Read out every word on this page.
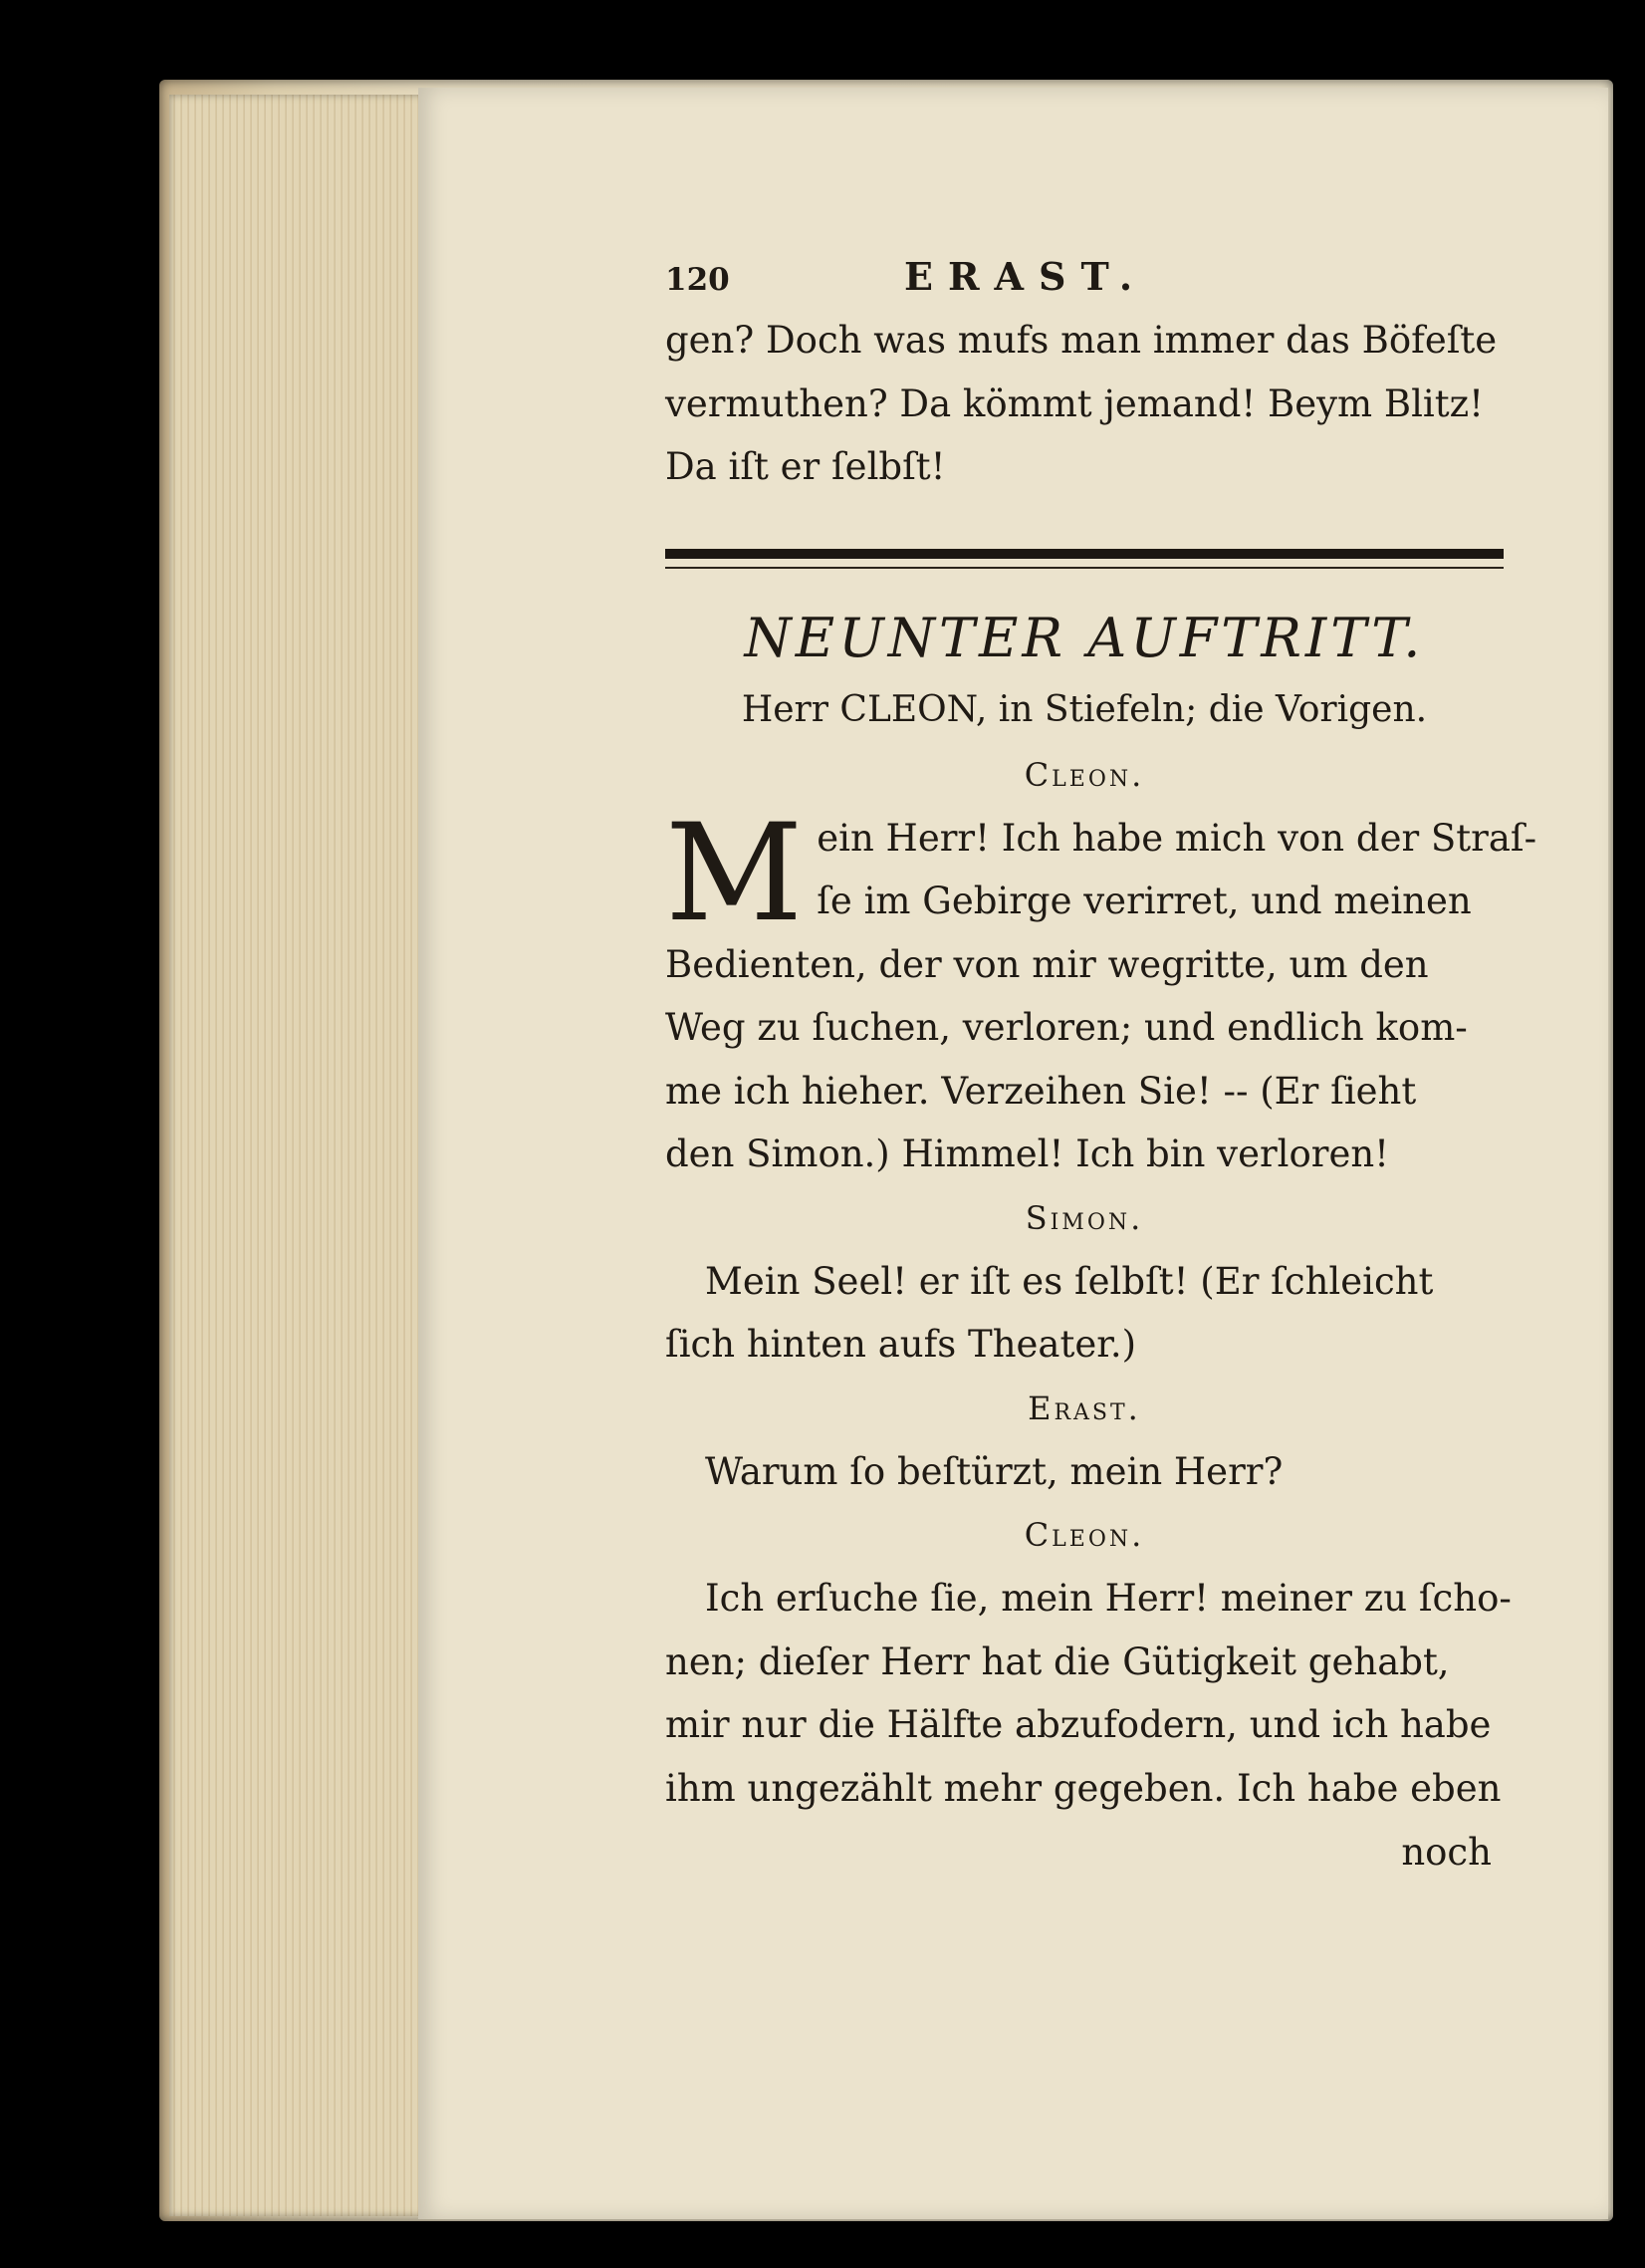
120	ERAST.
gen? Doch was mufs man immer das Böfeſte
vermuthen? Da kömmt jemand! Beym Blitz!
Da iſt er ſelbſt!
NEUNTER AUFTRITT.
Herr CLEON, in Stiefeln; die Vorigen.
Cleon.
M ein Herr! Ich habe mich von der Straſ-
ſe im Gebirge verirret, und meinen
Bedienten, der von mir wegritte, um den
Weg zu ſuchen, verloren; und endlich kom-
me ich hieher. Verzeihen Sie! -- (Er ſieht
den Simon.) Himmel! Ich bin verloren!
Simon.
Mein Seel! er iſt es ſelbſt! (Er ſchleicht
ſich hinten aufs Theater.)
Erast.
Warum ſo beſtürzt, mein Herr?
Cleon.
Ich erſuche ſie, mein Herr! meiner zu ſcho-
nen; dieſer Herr hat die Gütigkeit gehabt,
mir nur die Hälfte abzufodern, und ich habe
ihm ungezählt mehr gegeben. Ich habe eben
noch
